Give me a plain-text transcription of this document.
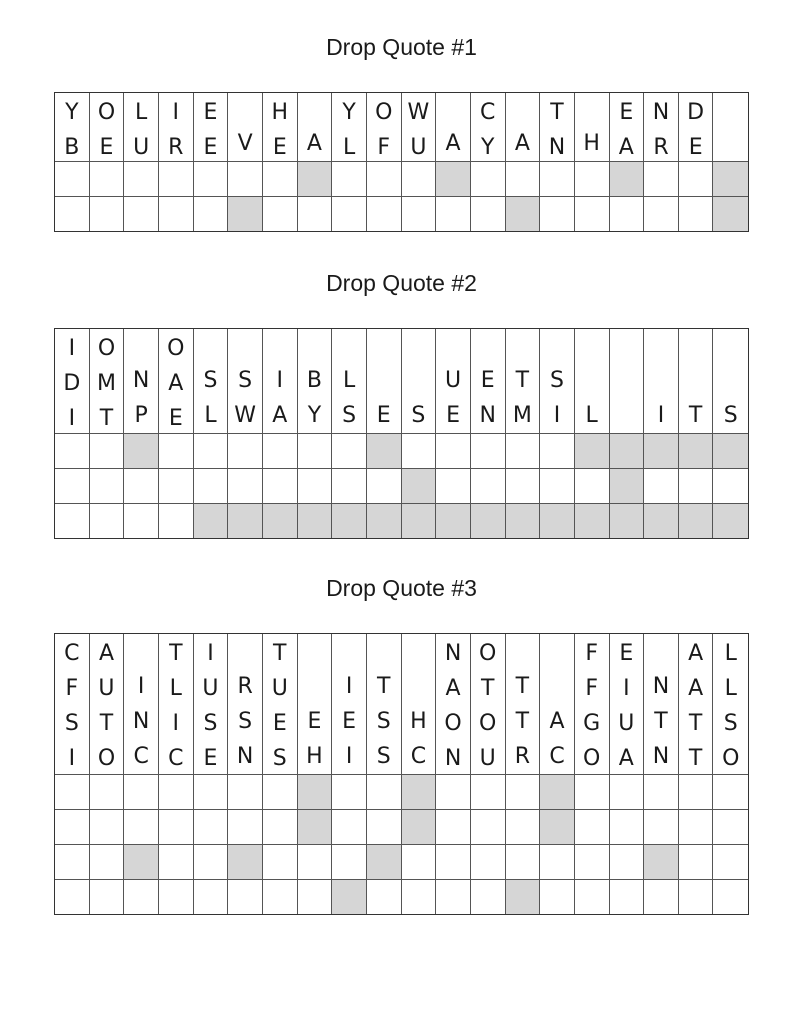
Drop Quote #1
Y
B
O
E
L
U
I
R
E
E V
H
E A
Y
L
O
F
W
U A
C
Y A
T
N H
E
A
N
R
D
E
Drop Quote #2
I
D
I
O
M
T
N
P
O
A
E
S
L
S
W
I
A
B
Y
L
S E S
U
E
E
N
T
M
S
I L	I T S
Drop Quote #3
C
F
S
I
A
U
T
O
I
N
C
T
L
I
C
I
U
S
E
R
S
N
T
U
E
S
E
H
I
E
I
T
S
S
H
C
N
A
O
N
O
T
O
U
T
T
R
A
C
F
F
G
O
E
I
U
A
N
T
N
A
A
T
T
L
L
S
O
